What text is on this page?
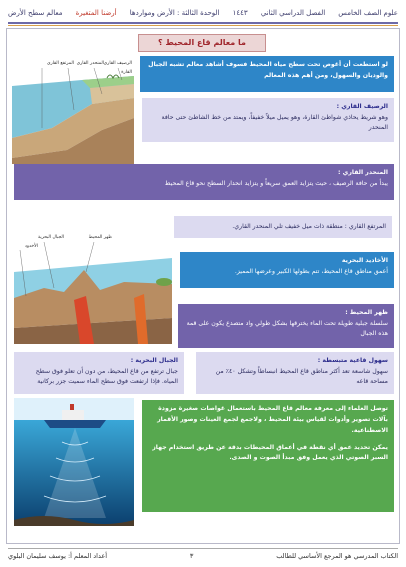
علوم الصف الخامس
الفصل الدراسي الثاني
١٤٤٣
الوحدة الثالثة : الأرض ومواردها
أرضنا المتغيرة
معالم سطح الأرض
ما معالم قاع المحيط ؟
لو استطعت أن أغوص تحت سطح مياه المحيط فسوف أشاهد معالم تشبه الجبال والوديان والسهول، ومن أهم هذه المعالم
الرصيف القاري
المنحدر القاري
المرتفع القاري
القارة
الرصيف القاري :
وهو شريط يحاذي شواطئ القارة، وهو يميل ميلاً خفيفاً، ويمتد من خط الشاطئ حتى حافة المنحدر
المنحدر القاري :
يبدأ من حافة الرصيف ، حيث يتزايد العمق سريعاً و يتزايد انحدار السطح نحو قاع المحيط
المرتفع القاري : منطقة ذات ميل خفيف تلي المنحدر القاري.
الجبال البحرية	ظهر المحيط
الأخدود
الأخاديد البحرية
أعمق مناطق قاع المحيط، تتم بطولها الكبير وعرضها المميز.
ظهر المحيط :
سلسلة جبلية طويلة تحت الماء يخترقها بشكل طولي واد متصدع يكون على قمة هذه الجبال
الجبال البحرية :
جبال ترتفع من قاع المحيط، من دون أن تعلو فوق سطح المياه. فإذا ارتفعت فوق سطح الماء سميت جزر بركانية
سهول قاعية متبسطة :
سهول شاسعة تعد أكثر مناطق قاع المحيط انبساطاً وتشكل ٤٠٪ من مساحة قاعه
توصل العلماء إلى معرفة معالم قاع المحيط باستعمال غواصات صغيرة مزودة بآلات تصوير وأدوات لقياس بيئة المحيط ، ولاجمع لجمع العينات وصور الأقمار الاصطناعية.
يمكن تحديد عمق أي نقطة في أعماق المحيطات بدقة عن طريق استخدام جهاز السبر الصوتي الذي يعمل وفق مبدأ الصوت و الصدى.
الكتاب المدرسي هو المرجع الأساسي للطالب
٣
أعداد المعلم أ: يوسف سليمان البلوي
